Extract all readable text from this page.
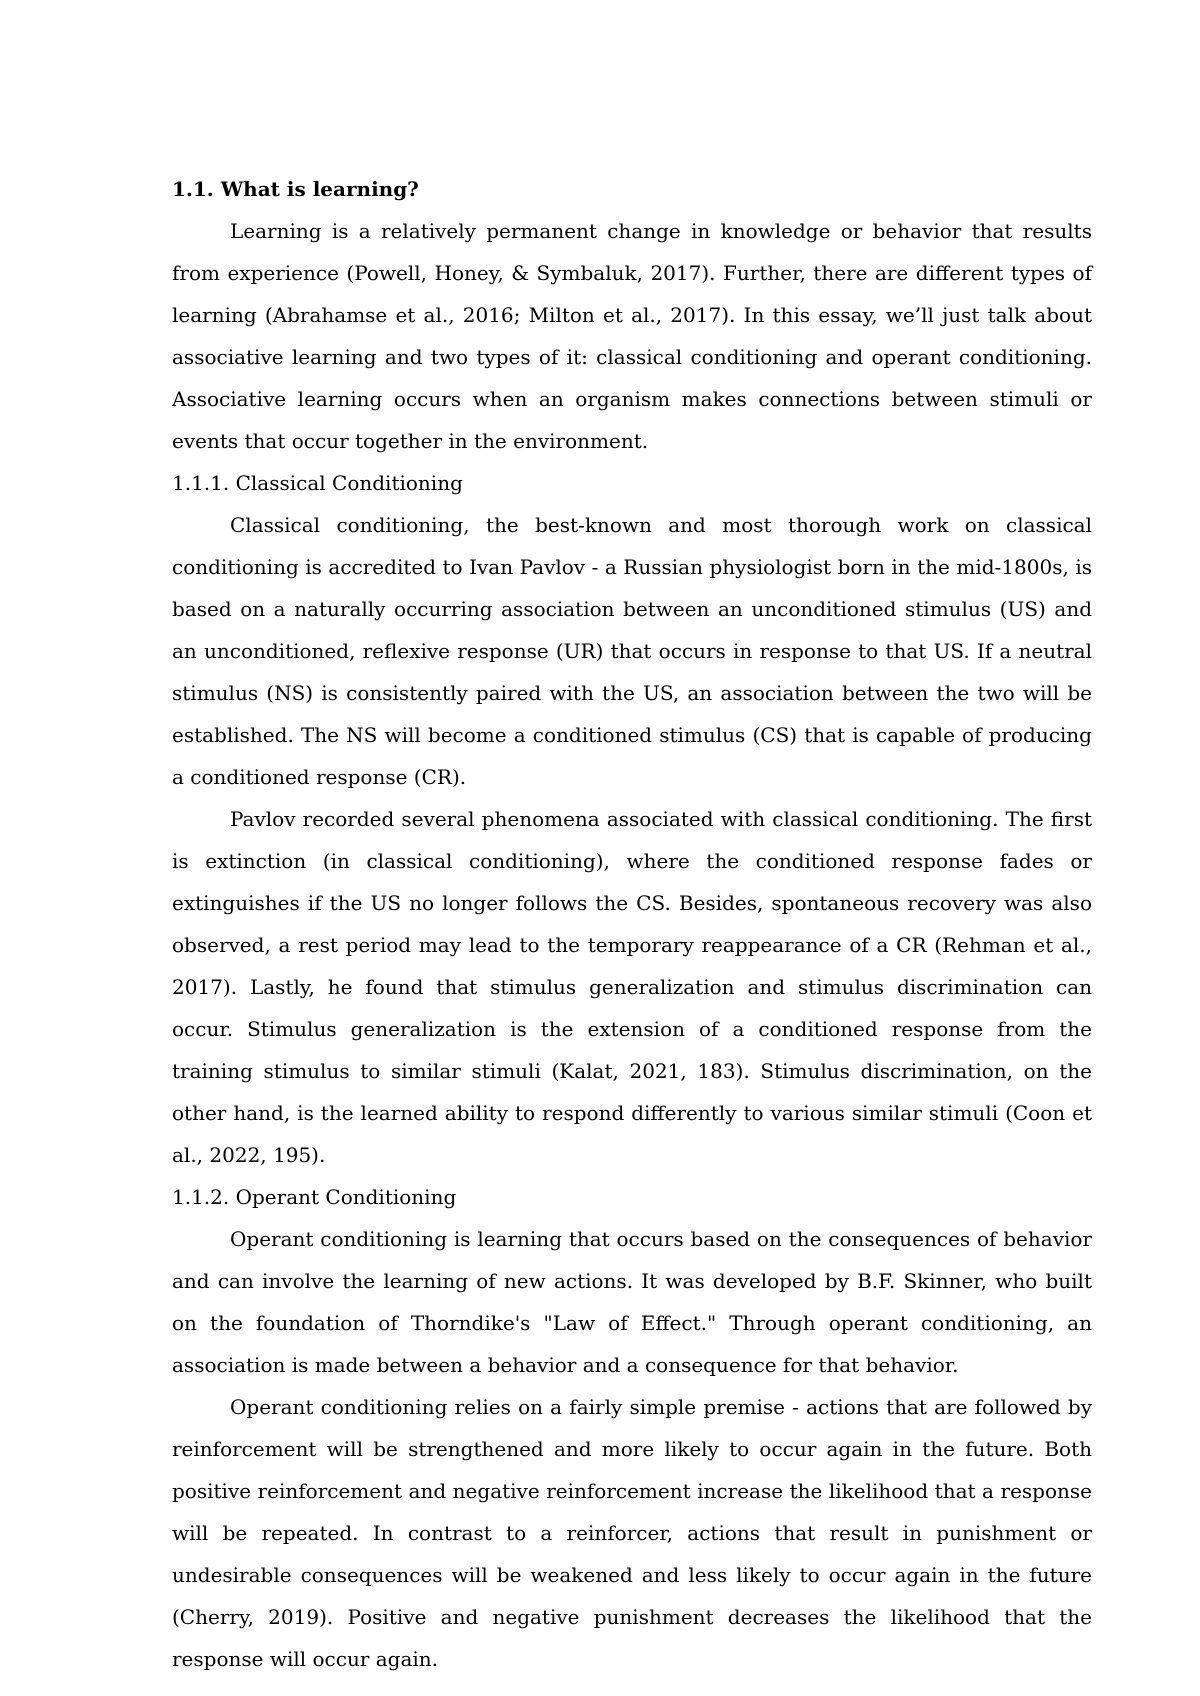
1.1. What is learning?

Learning is a relatively permanent change in knowledge or behavior that results from experience (Powell, Honey, & Symbaluk, 2017). Further, there are different types of learning (Abrahamse et al., 2016; Milton et al., 2017). In this essay, we’ll just talk about associative learning and two types of it: classical conditioning and operant conditioning. Associative learning occurs when an organism makes connections between stimuli or events that occur together in the environment.

1.1.1. Classical Conditioning

Classical conditioning, the best-known and most thorough work on classical conditioning is accredited to Ivan Pavlov - a Russian physiologist born in the mid-1800s, is based on a naturally occurring association between an unconditioned stimulus (US) and an unconditioned, reflexive response (UR) that occurs in response to that US. If a neutral stimulus (NS) is consistently paired with the US, an association between the two will be established. The NS will become a conditioned stimulus (CS) that is capable of producing a conditioned response (CR).

Pavlov recorded several phenomena associated with classical conditioning. The first is extinction (in classical conditioning), where the conditioned response fades or extinguishes if the US no longer follows the CS. Besides, spontaneous recovery was also observed, a rest period may lead to the temporary reappearance of a CR (Rehman et al., 2017). Lastly, he found that stimulus generalization and stimulus discrimination can occur. Stimulus generalization is the extension of a conditioned response from the training stimulus to similar stimuli (Kalat, 2021, 183). Stimulus discrimination, on the other hand, is the learned ability to respond differently to various similar stimuli (Coon et al., 2022, 195).

1.1.2. Operant Conditioning

Operant conditioning is learning that occurs based on the consequences of behavior and can involve the learning of new actions. It was developed by B.F. Skinner, who built on the foundation of Thorndike's "Law of Effect." Through operant conditioning, an association is made between a behavior and a consequence for that behavior.

Operant conditioning relies on a fairly simple premise - actions that are followed by reinforcement will be strengthened and more likely to occur again in the future. Both positive reinforcement and negative reinforcement increase the likelihood that a response will be repeated. In contrast to a reinforcer, actions that result in punishment or undesirable consequences will be weakened and less likely to occur again in the future (Cherry, 2019). Positive and negative punishment decreases the likelihood that the response will occur again.
